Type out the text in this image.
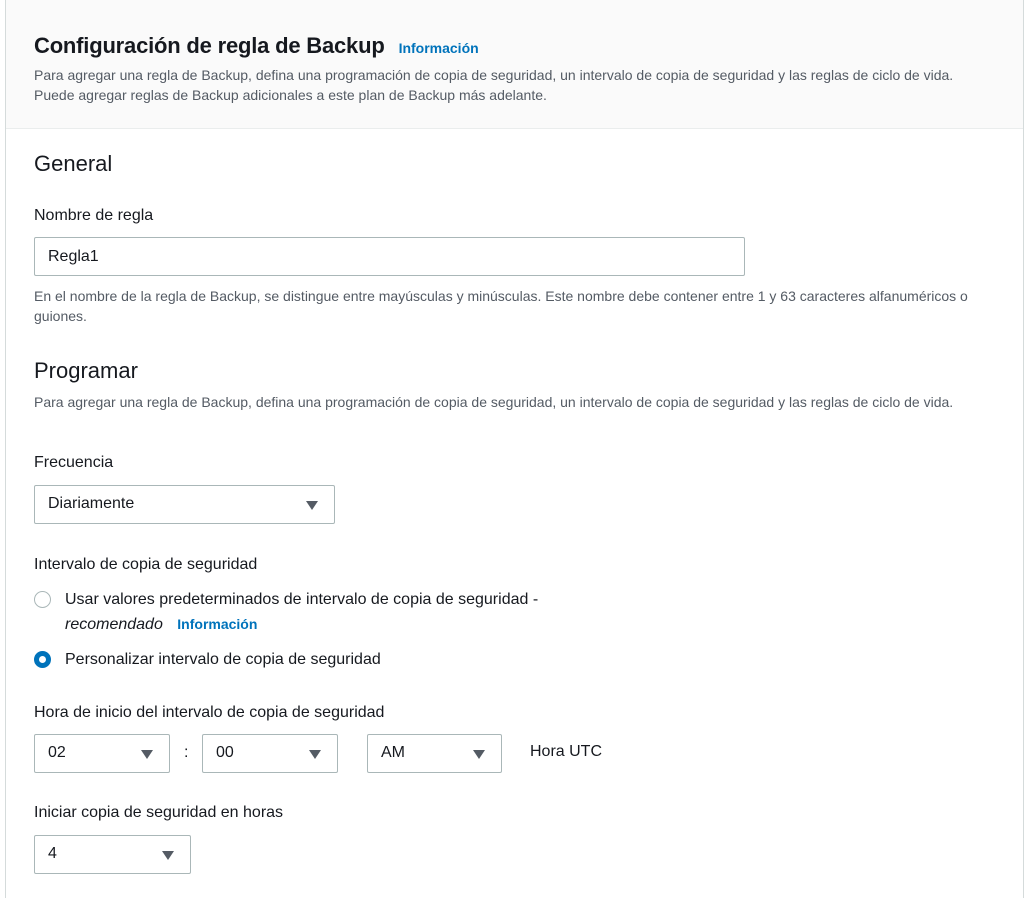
Configuración de regla de Backup Información
Para agregar una regla de Backup, defina una programación de copia de seguridad, un intervalo de copia de seguridad y las reglas de ciclo de vida. Puede agregar reglas de Backup adicionales a este plan de Backup más adelante.
General
Nombre de regla
Regla1
En el nombre de la regla de Backup, se distingue entre mayúsculas y minúsculas. Este nombre debe contener entre 1 y 63 caracteres alfanuméricos o guiones.
Programar
Para agregar una regla de Backup, defina una programación de copia de seguridad, un intervalo de copia de seguridad y las reglas de ciclo de vida.
Frecuencia
Diariamente
Intervalo de copia de seguridad
Usar valores predeterminados de intervalo de copia de seguridad -
recomendado Información
Personalizar intervalo de copia de seguridad
Hora de inicio del intervalo de copia de seguridad
02	: 00	AM	Hora UTC
Iniciar copia de seguridad en horas
4
